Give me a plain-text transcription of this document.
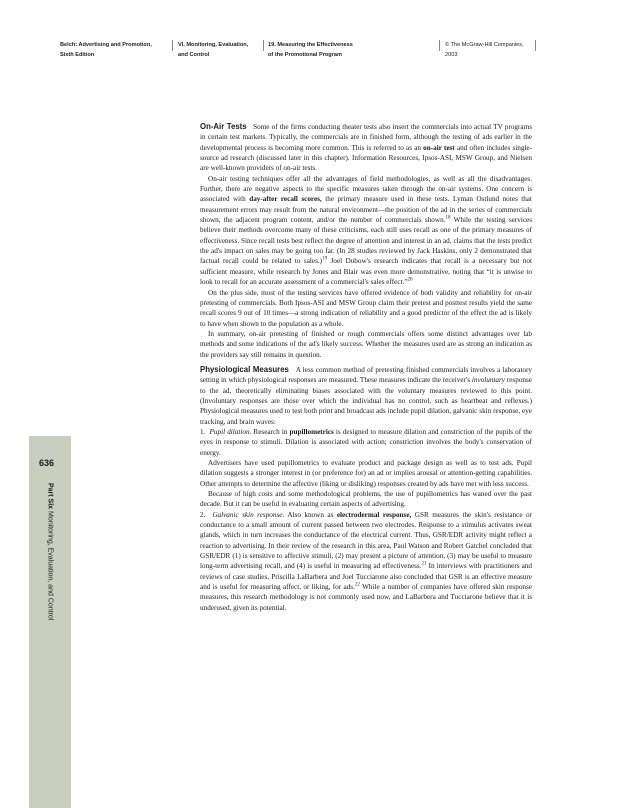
Belch: Advertising and Promotion, Sixth Edition
VI. Monitoring, Evaluation, and Control
19. Measuring the Effectiveness of the Promotional Program
© The McGraw-Hill Companies, 2003
636
Part Six Monitoring, Evaluation, and Control

On-Air Tests Some of the firms conducting theater tests also insert the commercials into actual TV programs in certain test markets. Typically, the commercials are in finished form, although the testing of ads earlier in the developmental process is becoming more common. This is referred to as an on-air test and often includes single-source ad research (discussed later in this chapter). Information Resources, Ipsos-ASI, MSW Group, and Nielsen are well-known providers of on-air tests.

On-air testing techniques offer all the advantages of field methodologies, as well as all the disadvantages. Further, there are negative aspects to the specific measures taken through the on-air systems. One concern is associated with day-after recall scores, the primary measure used in these tests. Lyman Ostlund notes that measurement errors may result from the natural environment—the position of the ad in the series of commercials shown, the adjacent program content, and/or the number of commercials shown.$^{18}$ While the testing services believe their methods overcome many of these criticisms, each still uses recall as one of the primary measures of effectiveness. Since recall tests best reflect the degree of attention and interest in an ad, claims that the tests predict the ad's impact on sales may be going too far. (In 28 studies reviewed by Jack Haskins, only 2 demonstrated that factual recall could be related to sales.)$^{19}$ Joel Dubow's research indicates that recall is a necessary but not sufficient measure, while research by Jones and Blair was even more demonstrative, noting that “it is unwise to look to recall for an accurate assessment of a commercial's sales effect.”$^{20}$

On the plus side, most of the testing services have offered evidence of both validity and reliability for on-air pretesting of commercials. Both Ipsos-ASI and MSW Group claim their pretest and posttest results yield the same recall scores 9 out of 10 times—a strong indication of reliability and a good predictor of the effect the ad is likely to have when shown to the population as a whole.

In summary, on-air pretesting of finished or rough commercials offers some distinct advantages over lab methods and some indications of the ad's likely success. Whether the measures used are as strong an indication as the providers say still remains in question.

Physiological Measures A less common method of pretesting finished commercials involves a laboratory setting in which physiological responses are measured. These measures indicate the receiver's involuntary response to the ad, theoretically eliminating biases associated with the voluntary measures reviewed to this point. (Involuntary responses are those over which the individual has no control, such as heartbeat and reflexes.) Physiological measures used to test both print and broadcast ads include pupil dilation, galvanic skin response, eye tracking, and brain waves:

1. Pupil dilation. Research in pupillometrics is designed to measure dilation and constriction of the pupils of the eyes in response to stimuli. Dilation is associated with action; constriction involves the body's conservation of energy.

Advertisers have used pupillometrics to evaluate product and package design as well as to test ads. Pupil dilation suggests a stronger interest in (or preference for) an ad or implies arousal or attention-getting capabilities. Other attempts to determine the affective (liking or disliking) responses created by ads have met with less success.

Because of high costs and some methodological problems, the use of pupillometrics has waned over the past decade. But it can be useful in evaluating certain aspects of advertising.

2. Galvanic skin response. Also known as electrodermal response, GSR measures the skin's resistance or conductance to a small amount of current passed between two electrodes. Response to a stimulus activates sweat glands, which in turn increases the conductance of the electrical current. Thus, GSR/EDR activity might reflect a reaction to advertising. In their review of the research in this area, Paul Watson and Robert Gatchel concluded that GSR/EDR (1) is sensitive to affective stimuli, (2) may present a picture of attention, (3) may be useful to measure long-term advertising recall, and (4) is useful in measuring ad effectiveness.$^{21}$ In interviews with practitioners and reviews of case studies, Priscilla LaBarbera and Joel Tucciarone also concluded that GSR is an effective measure and is useful for measuring affect, or liking, for ads.$^{22}$ While a number of companies have offered skin response measures, this research methodology is not commonly used now, and LaBarbera and Tucciarone believe that it is underused, given its potential.
